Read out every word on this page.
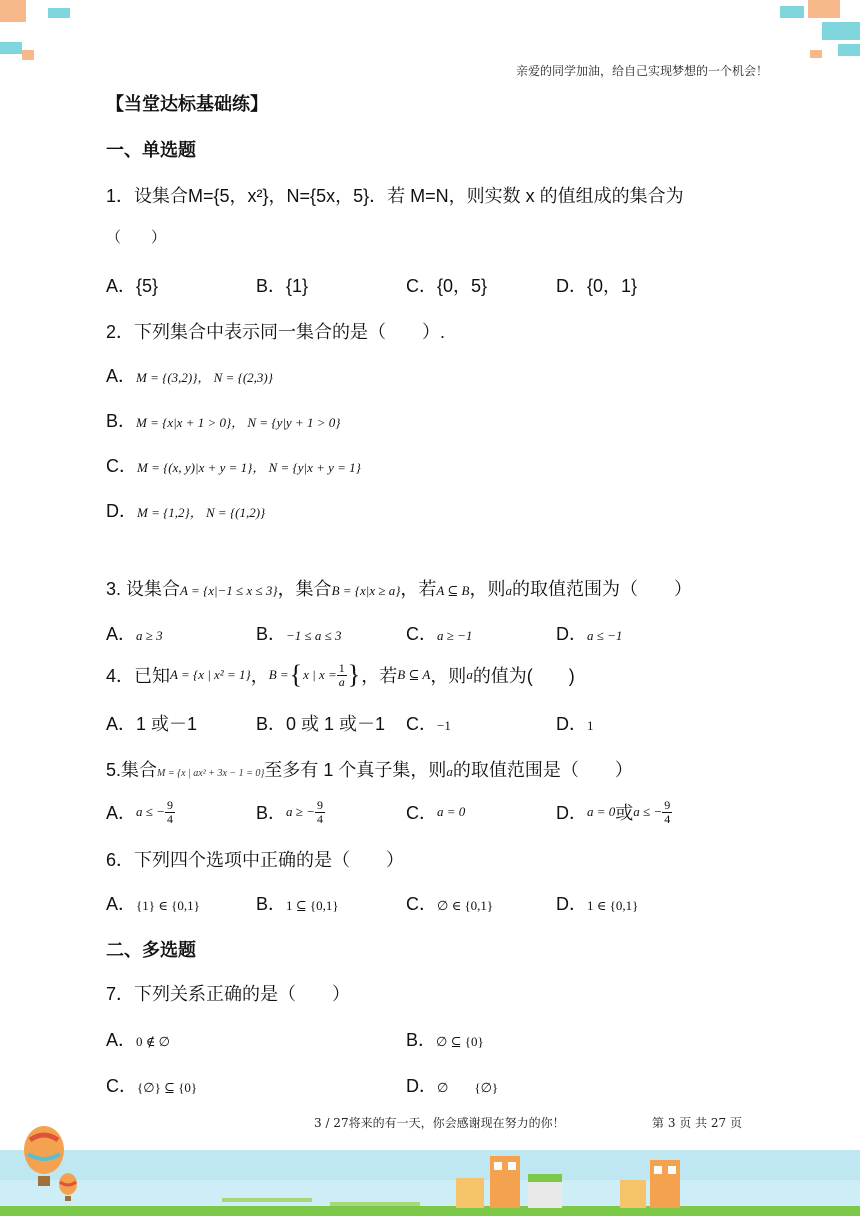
亲爱的同学加油，给自己实现梦想的一个机会！
【当堂达标基础练】
一、单选题
1．设集合M={5，x²}，N={5x，5}．若 M=N，则实数 x 的值组成的集合为
（　　）
A．{5}	B．{1}	C．{0，5}	D．{0，1}
2．下列集合中表示同一集合的是（　　）.
A．M = {(3,2)}， N = {(2,3)}
B．M = {x|x + 1 > 0}， N = {y|y + 1 > 0}
C．M = {(x, y)|x + y = 1}， N = {y|x + y = 1}
D．M = {1,2}， N = {(1,2)}
3. 设集合A = {x|−1 ≤ x ≤ 3}，集合B = {x|x ≥ a}，若A ⊆ B，则a的取值范围为（　　）
A．a ≥ 3	B．−1 ≤ a ≤ 3	C．a ≥ −1	D．a ≤ −1
4．已知 A = {x | x² = 1} ， B = { x | $x = \frac{1}{a}$ } ，若 B ⊆ A ，则 a 的值为(　　)
A．1 或－1	B．0 或 1 或－1 C．−1	D．1
5.集合M = {x | ax² + 3x − 1 = 0}至多有 1 个真子集，则a的取值范围是（　　）
A． a ≤ − $\frac{9}{4}$	B． a ≥ − $\frac{9}{4}$	C． a = 0	D． a = 0 或 a ≤ − $\frac{9}{4}$
6．下列四个选项中正确的是（　　）
A．{1} ∈ {0,1}	B．1 ⊆ {0,1}	C．∅ ∈ {0,1}	D．1 ∈ {0,1}
二、多选题
7．下列关系正确的是（　　）
A．0 ∉ ∅	B．∅ ⊆ {0}
C．{∅} ⊆ {0}	D．∅　　{∅}
3 / 27将来的有一天，你会感谢现在努力的你！	第 3 页 共 27 页
